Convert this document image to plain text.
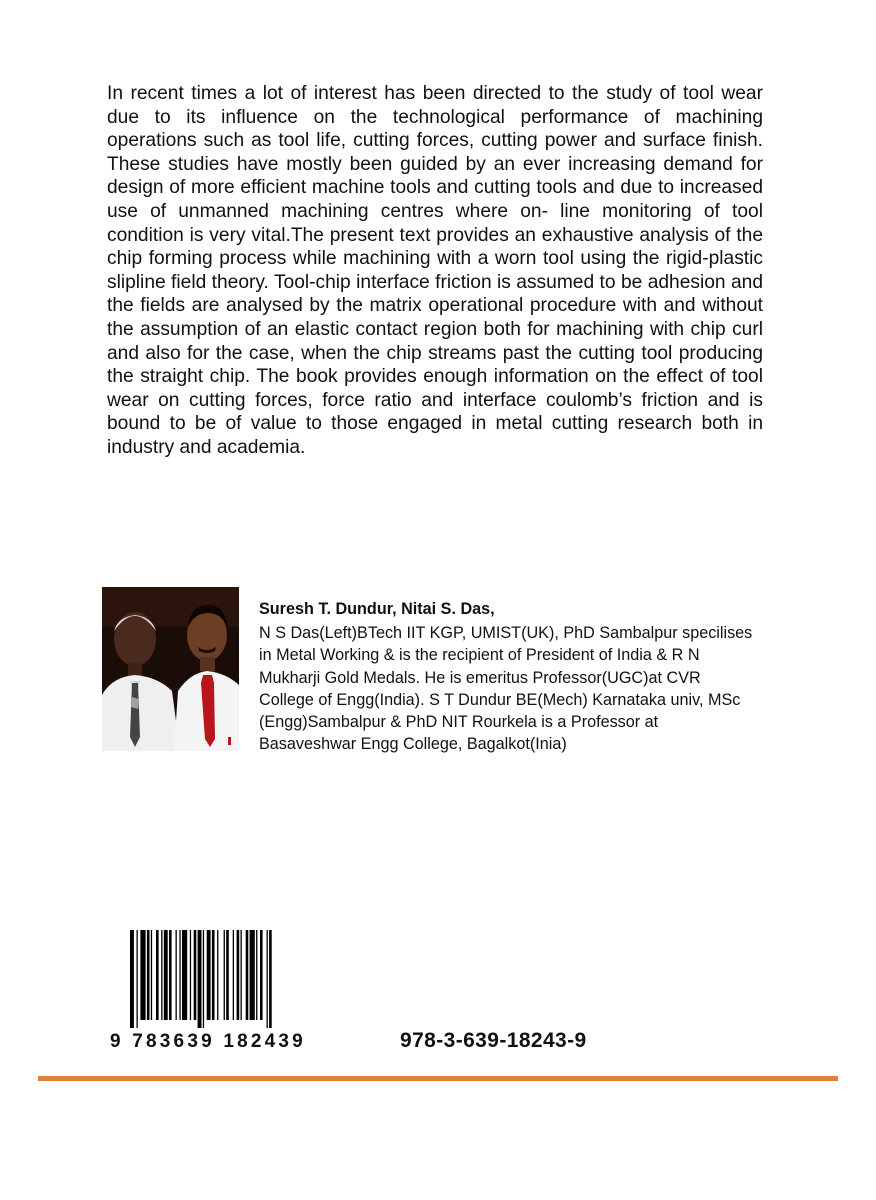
In recent times a lot of interest has been directed to the study of tool wear due to its influence on the technological performance of machining operations such as tool life, cutting forces, cutting power and surface finish. These studies have mostly been guided by an ever increasing demand for design of more efficient machine tools and cutting tools and due to increased use of unmanned machining centres where on- line monitoring of tool condition is very vital.The present text provides an exhaustive analysis of the chip forming process while machining with a worn tool using the rigid-plastic slipline field theory. Tool-chip interface friction is assumed to be adhesion and the fields are analysed by the matrix operational procedure with and without the assumption of an elastic contact region both for machining with chip curl and also for the case, when the chip streams past the cutting tool producing the straight chip. The book provides enough information on the effect of tool wear on cutting forces, force ratio and interface coulomb’s friction and is bound to be of value to those engaged in metal cutting research both in industry and academia.

Suresh T. Dundur, Nitai S. Das,

N S Das(Left)BTech IIT KGP, UMIST(UK), PhD Sambalpur specilises in Metal Working & is the recipient of President of India & R N Mukharji Gold Medals. He is emeritus Professor(UGC)at CVR College of Engg(India). S T Dundur BE(Mech) Karnataka univ, MSc (Engg)Sambalpur & PhD NIT Rourkela is a Professor at Basaveshwar Engg College, Bagalkot(Inia)

9 783639 182439	978-3-639-18243-9
